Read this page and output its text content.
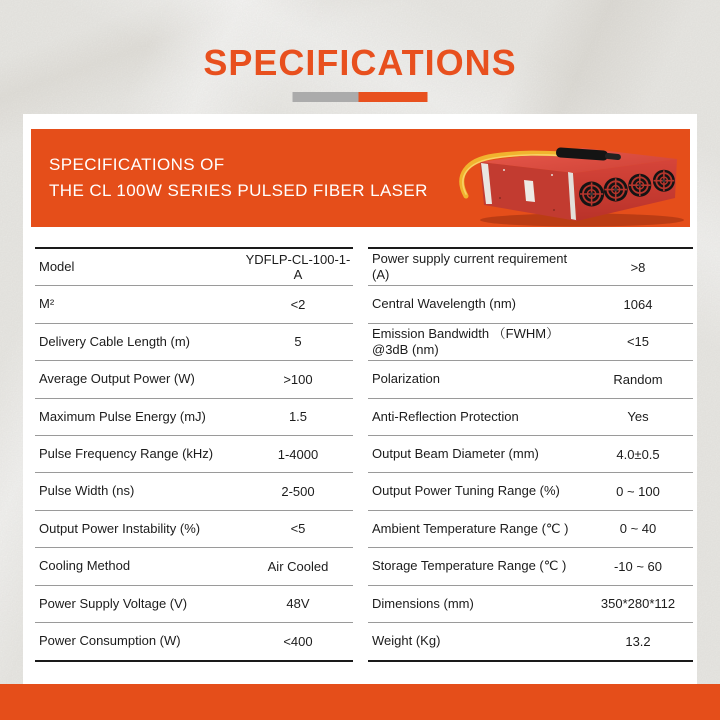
SPECIFICATIONS
SPECIFICATIONS OF
THE CL 100W SERIES PULSED FIBER LASER
Model	YDFLP-CL-100-1-A
M²	<2
Delivery Cable Length (m)	5
Average Output Power (W)	>100
Maximum Pulse Energy (mJ)	1.5
Pulse Frequency Range (kHz)	1-4000
Pulse Width (ns)	2-500
Output Power Instability (%)	<5
Cooling Method	Air Cooled
Power Supply Voltage (V)	48V
Power Consumption (W)	<400
Power supply current requirement (A)	>8
Central Wavelength (nm)	1064
Emission Bandwidth （FWHM）@3dB (nm)	<15
Polarization	Random
Anti-Reflection Protection	Yes
Output Beam Diameter (mm)	4.0±0.5
Output Power Tuning Range (%)	0 ~ 100
Ambient Temperature Range (℃ )	0 ~ 40
Storage Temperature Range (℃ )	-10 ~ 60
Dimensions (mm)	350*280*112
Weight (Kg)	13.2
